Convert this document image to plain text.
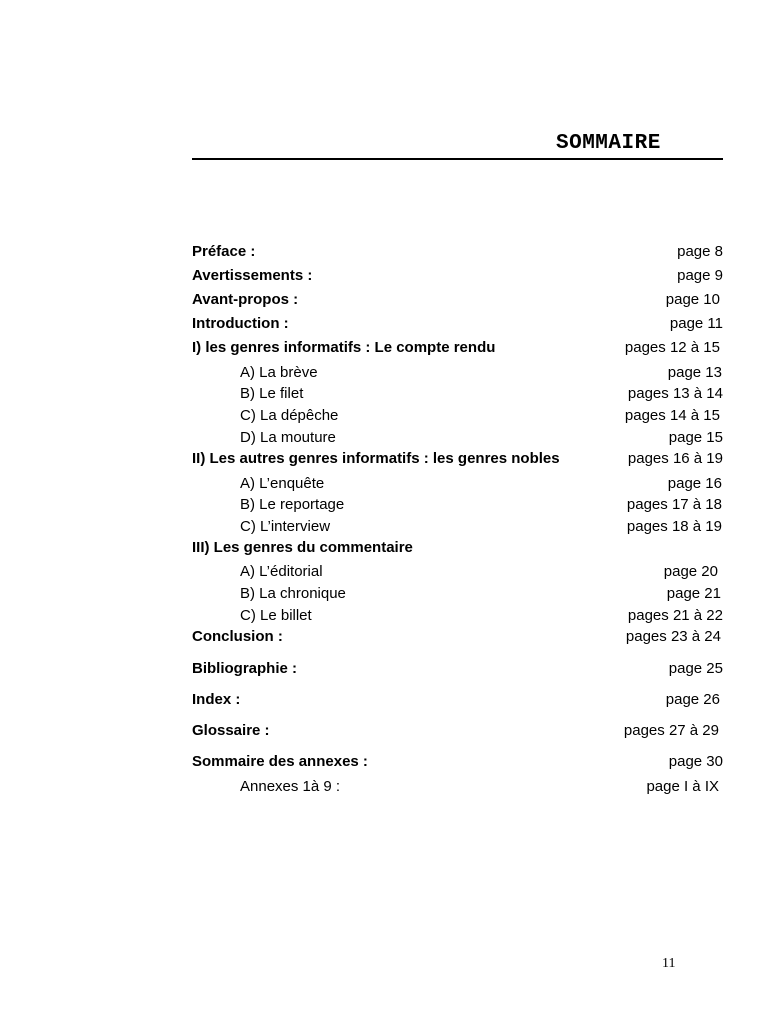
SOMMAIRE
Préface :	page 8
Avertissements :	page 9
Avant-propos :	page 10
Introduction :	page 11
I) les genres informatifs : Le compte rendu	pages 12 à 15
A) La brève	page 13
B) Le filet	pages 13 à 14
C) La dépêche	pages 14 à 15
D) La mouture	page 15
II) Les autres genres informatifs : les genres nobles	pages 16 à 19
A) L’enquête	page 16
B) Le reportage	pages 17 à 18
C) L’interview	pages 18 à 19
III) Les genres du commentaire
A) L’éditorial	page 20
B) La chronique	page 21
C) Le billet	pages 21 à 22
Conclusion :	pages 23 à 24
Bibliographie :	page 25
Index :	page 26
Glossaire :	pages 27 à 29
Sommaire des annexes :	page 30
Annexes 1à 9 :	page I à IX
11
